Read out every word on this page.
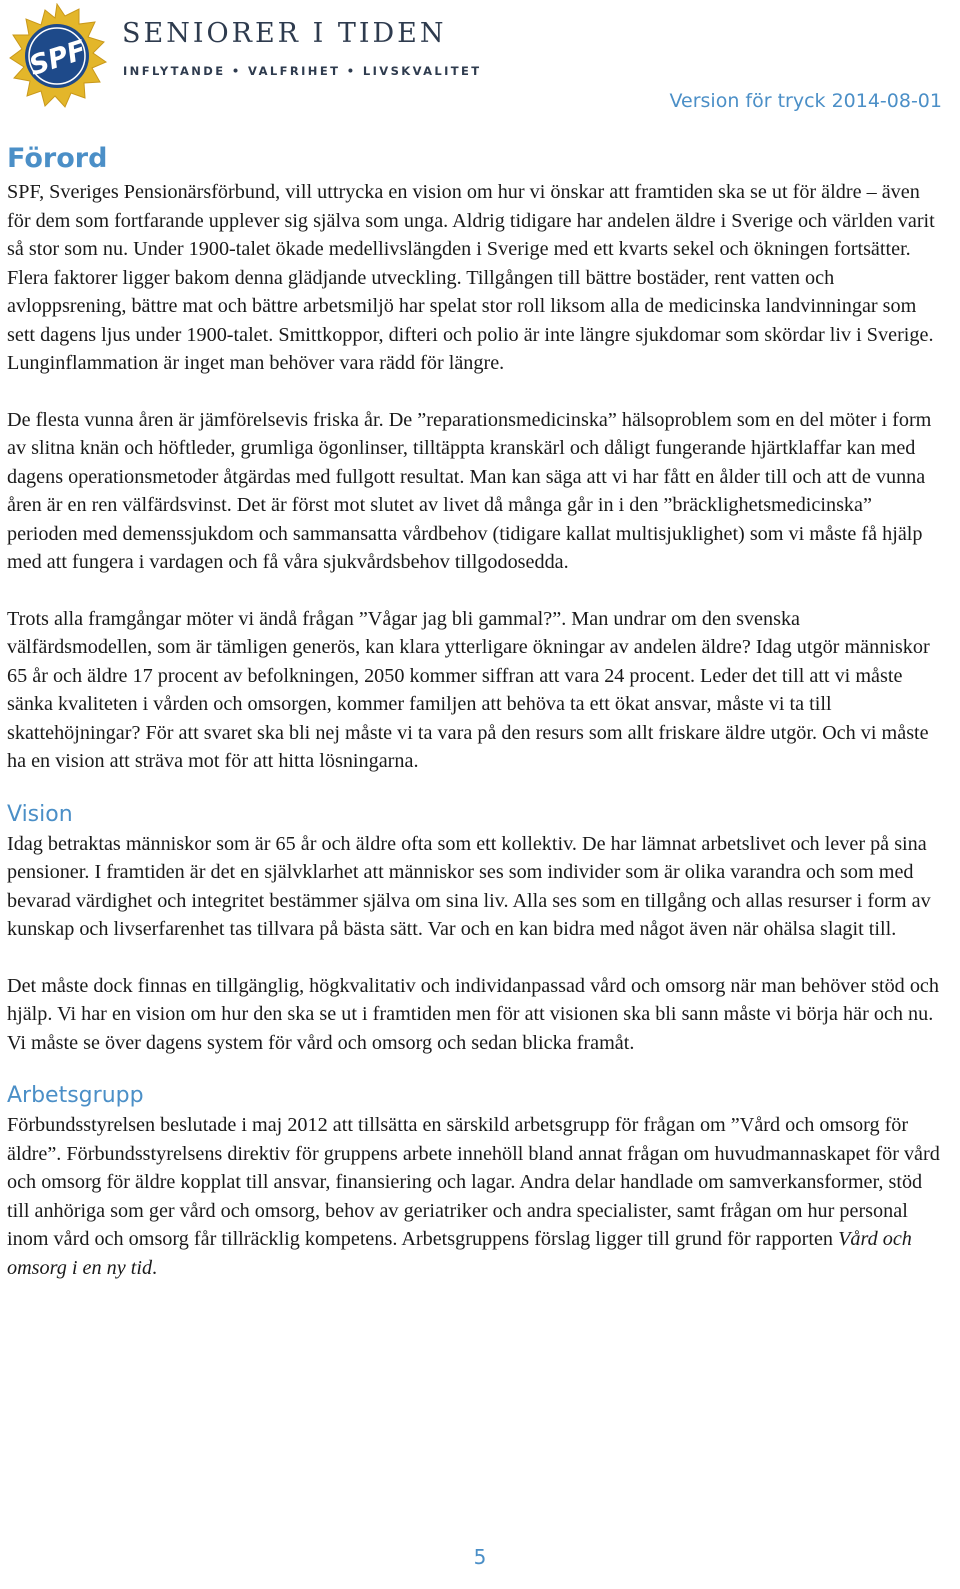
SPF
SENIORER I TIDEN
INFLYTANDE • VALFRIHET • LIVSKVALITET
Version för tryck 2014-08-01
Förord

SPF, Sveriges Pensionärsförbund, vill uttrycka en vision om hur vi önskar att framtiden ska se ut för äldre – även för dem som fortfarande upplever sig själva som unga. Aldrig tidigare har andelen äldre i Sverige och världen varit så stor som nu. Under 1900-talet ökade medellivslängden i Sverige med ett kvarts sekel och ökningen fortsätter. Flera faktorer ligger bakom denna glädjande utveckling. Tillgången till bättre bostäder, rent vatten och avloppsrening, bättre mat och bättre arbetsmiljö har spelat stor roll liksom alla de medicinska landvinningar som sett dagens ljus under 1900-talet. Smittkoppor, difteri och polio är inte längre sjukdomar som skördar liv i Sverige. Lunginflammation är inget man behöver vara rädd för längre.

De flesta vunna åren är jämförelsevis friska år. De ”reparationsmedicinska” hälsoproblem som en del möter i form av slitna knän och höftleder, grumliga ögonlinser, tilltäppta kranskärl och dåligt fungerande hjärtklaffar kan med dagens operationsmetoder åtgärdas med fullgott resultat. Man kan säga att vi har fått en ålder till och att de vunna åren är en ren välfärdsvinst. Det är först mot slutet av livet då många går in i den ”bräcklighetsmedicinska” perioden med demenssjukdom och sammansatta vårdbehov (tidigare kallat multisjuklighet) som vi måste få hjälp med att fungera i vardagen och få våra sjukvårdsbehov tillgodosedda.

Trots alla framgångar möter vi ändå frågan ”Vågar jag bli gammal?”. Man undrar om den svenska välfärdsmodellen, som är tämligen generös, kan klara ytterligare ökningar av andelen äldre? Idag utgör människor 65 år och äldre 17 procent av befolkningen, 2050 kommer siffran att vara 24 procent. Leder det till att vi måste sänka kvaliteten i vården och omsorgen, kommer familjen att behöva ta ett ökat ansvar, måste vi ta till skattehöjningar? För att svaret ska bli nej måste vi ta vara på den resurs som allt friskare äldre utgör. Och vi måste ha en vision att sträva mot för att hitta lösningarna.

Vision

Idag betraktas människor som är 65 år och äldre ofta som ett kollektiv. De har lämnat arbetslivet och lever på sina pensioner. I framtiden är det en självklarhet att människor ses som individer som är olika varandra och som med bevarad värdighet och integritet bestämmer själva om sina liv. Alla ses som en tillgång och allas resurser i form av kunskap och livserfarenhet tas tillvara på bästa sätt. Var och en kan bidra med något även när ohälsa slagit till.

Det måste dock finnas en tillgänglig, högkvalitativ och individanpassad vård och omsorg när man behöver stöd och hjälp. Vi har en vision om hur den ska se ut i framtiden men för att visionen ska bli sann måste vi börja här och nu. Vi måste se över dagens system för vård och omsorg och sedan blicka framåt.

Arbetsgrupp

Förbundsstyrelsen beslutade i maj 2012 att tillsätta en särskild arbetsgrupp för frågan om ”Vård och omsorg för äldre”. Förbundsstyrelsens direktiv för gruppens arbete innehöll bland annat frågan om huvudmannaskapet för vård och omsorg för äldre kopplat till ansvar, finansiering och lagar. Andra delar handlade om samverkansformer, stöd till anhöriga som ger vård och omsorg, behov av geriatriker och andra specialister, samt frågan om hur personal inom vård och omsorg får tillräcklig kompetens. Arbetsgruppens förslag ligger till grund för rapporten Vård och omsorg i en ny tid.

5
